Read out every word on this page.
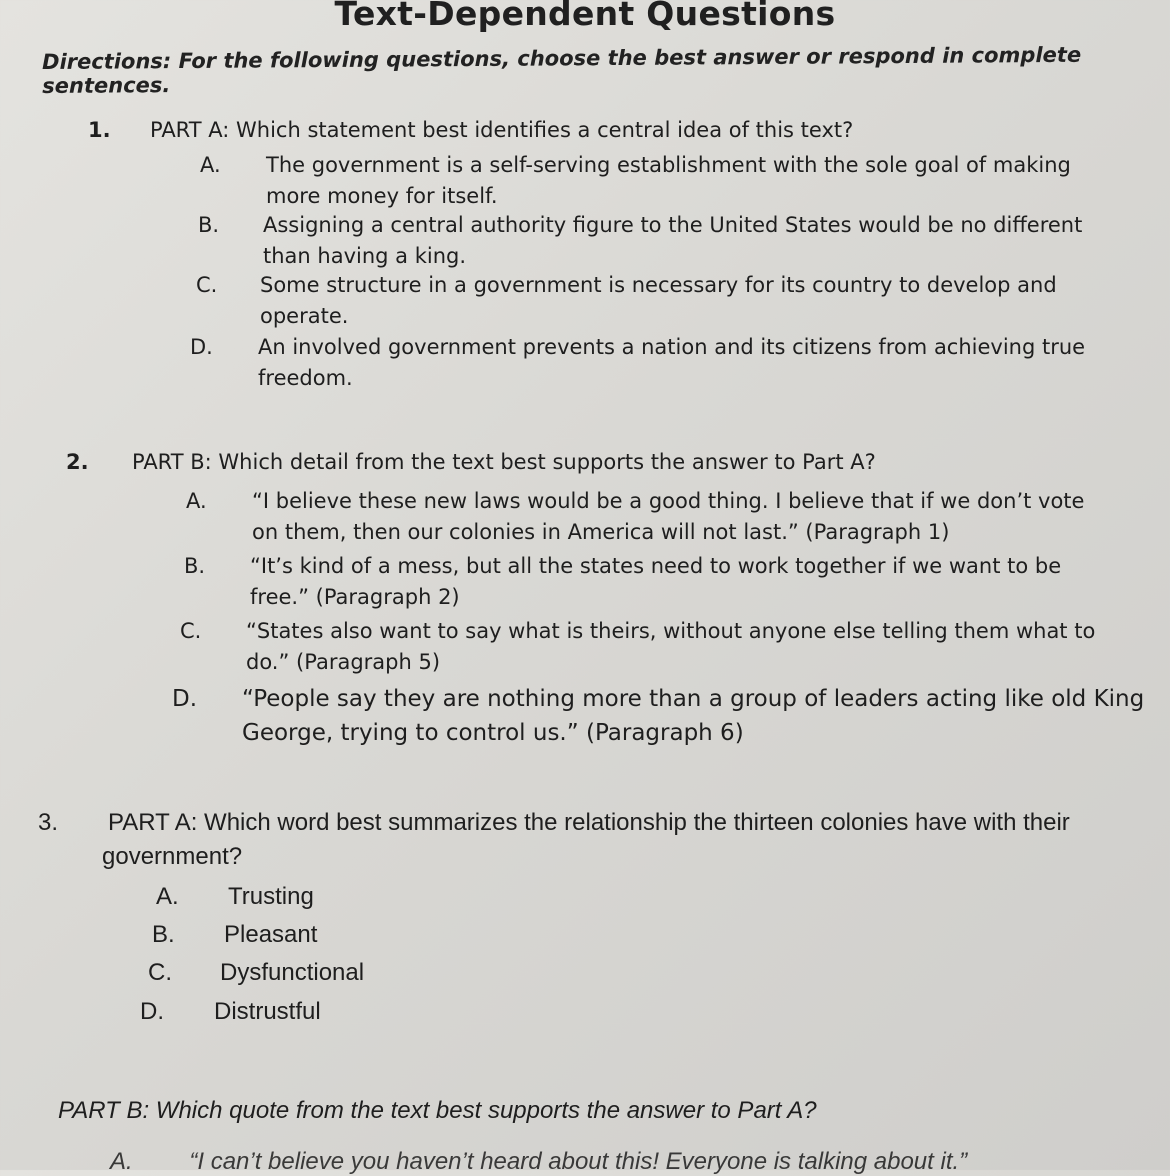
Text-Dependent Questions
Directions: For the following questions, choose the best answer or respond in complete sentences.
1. PART A: Which statement best identifies a central idea of this text?
A. The government is a self-serving establishment with the sole goal of making
more money for itself.
B. Assigning a central authority figure to the United States would be no different
than having a king.
C. Some structure in a government is necessary for its country to develop and
operate.
D. An involved government prevents a nation and its citizens from achieving true
freedom.
2. PART B: Which detail from the text best supports the answer to Part A?
A. “I believe these new laws would be a good thing. I believe that if we don’t vote
on them, then our colonies in America will not last.” (Paragraph 1)
B. “It’s kind of a mess, but all the states need to work together if we want to be
free.” (Paragraph 2)
C. “States also want to say what is theirs, without anyone else telling them what to
do.” (Paragraph 5)
D. “People say they are nothing more than a group of leaders acting like old King
George, trying to control us.” (Paragraph 6)
3. PART A: Which word best summarizes the relationship the thirteen colonies have with their
government?
A. Trusting
B. Pleasant
C. Dysfunctional
D. Distrustful
PART B: Which quote from the text best supports the answer to Part A?
A. “I can’t believe you haven’t heard about this! Everyone is talking about it.”
